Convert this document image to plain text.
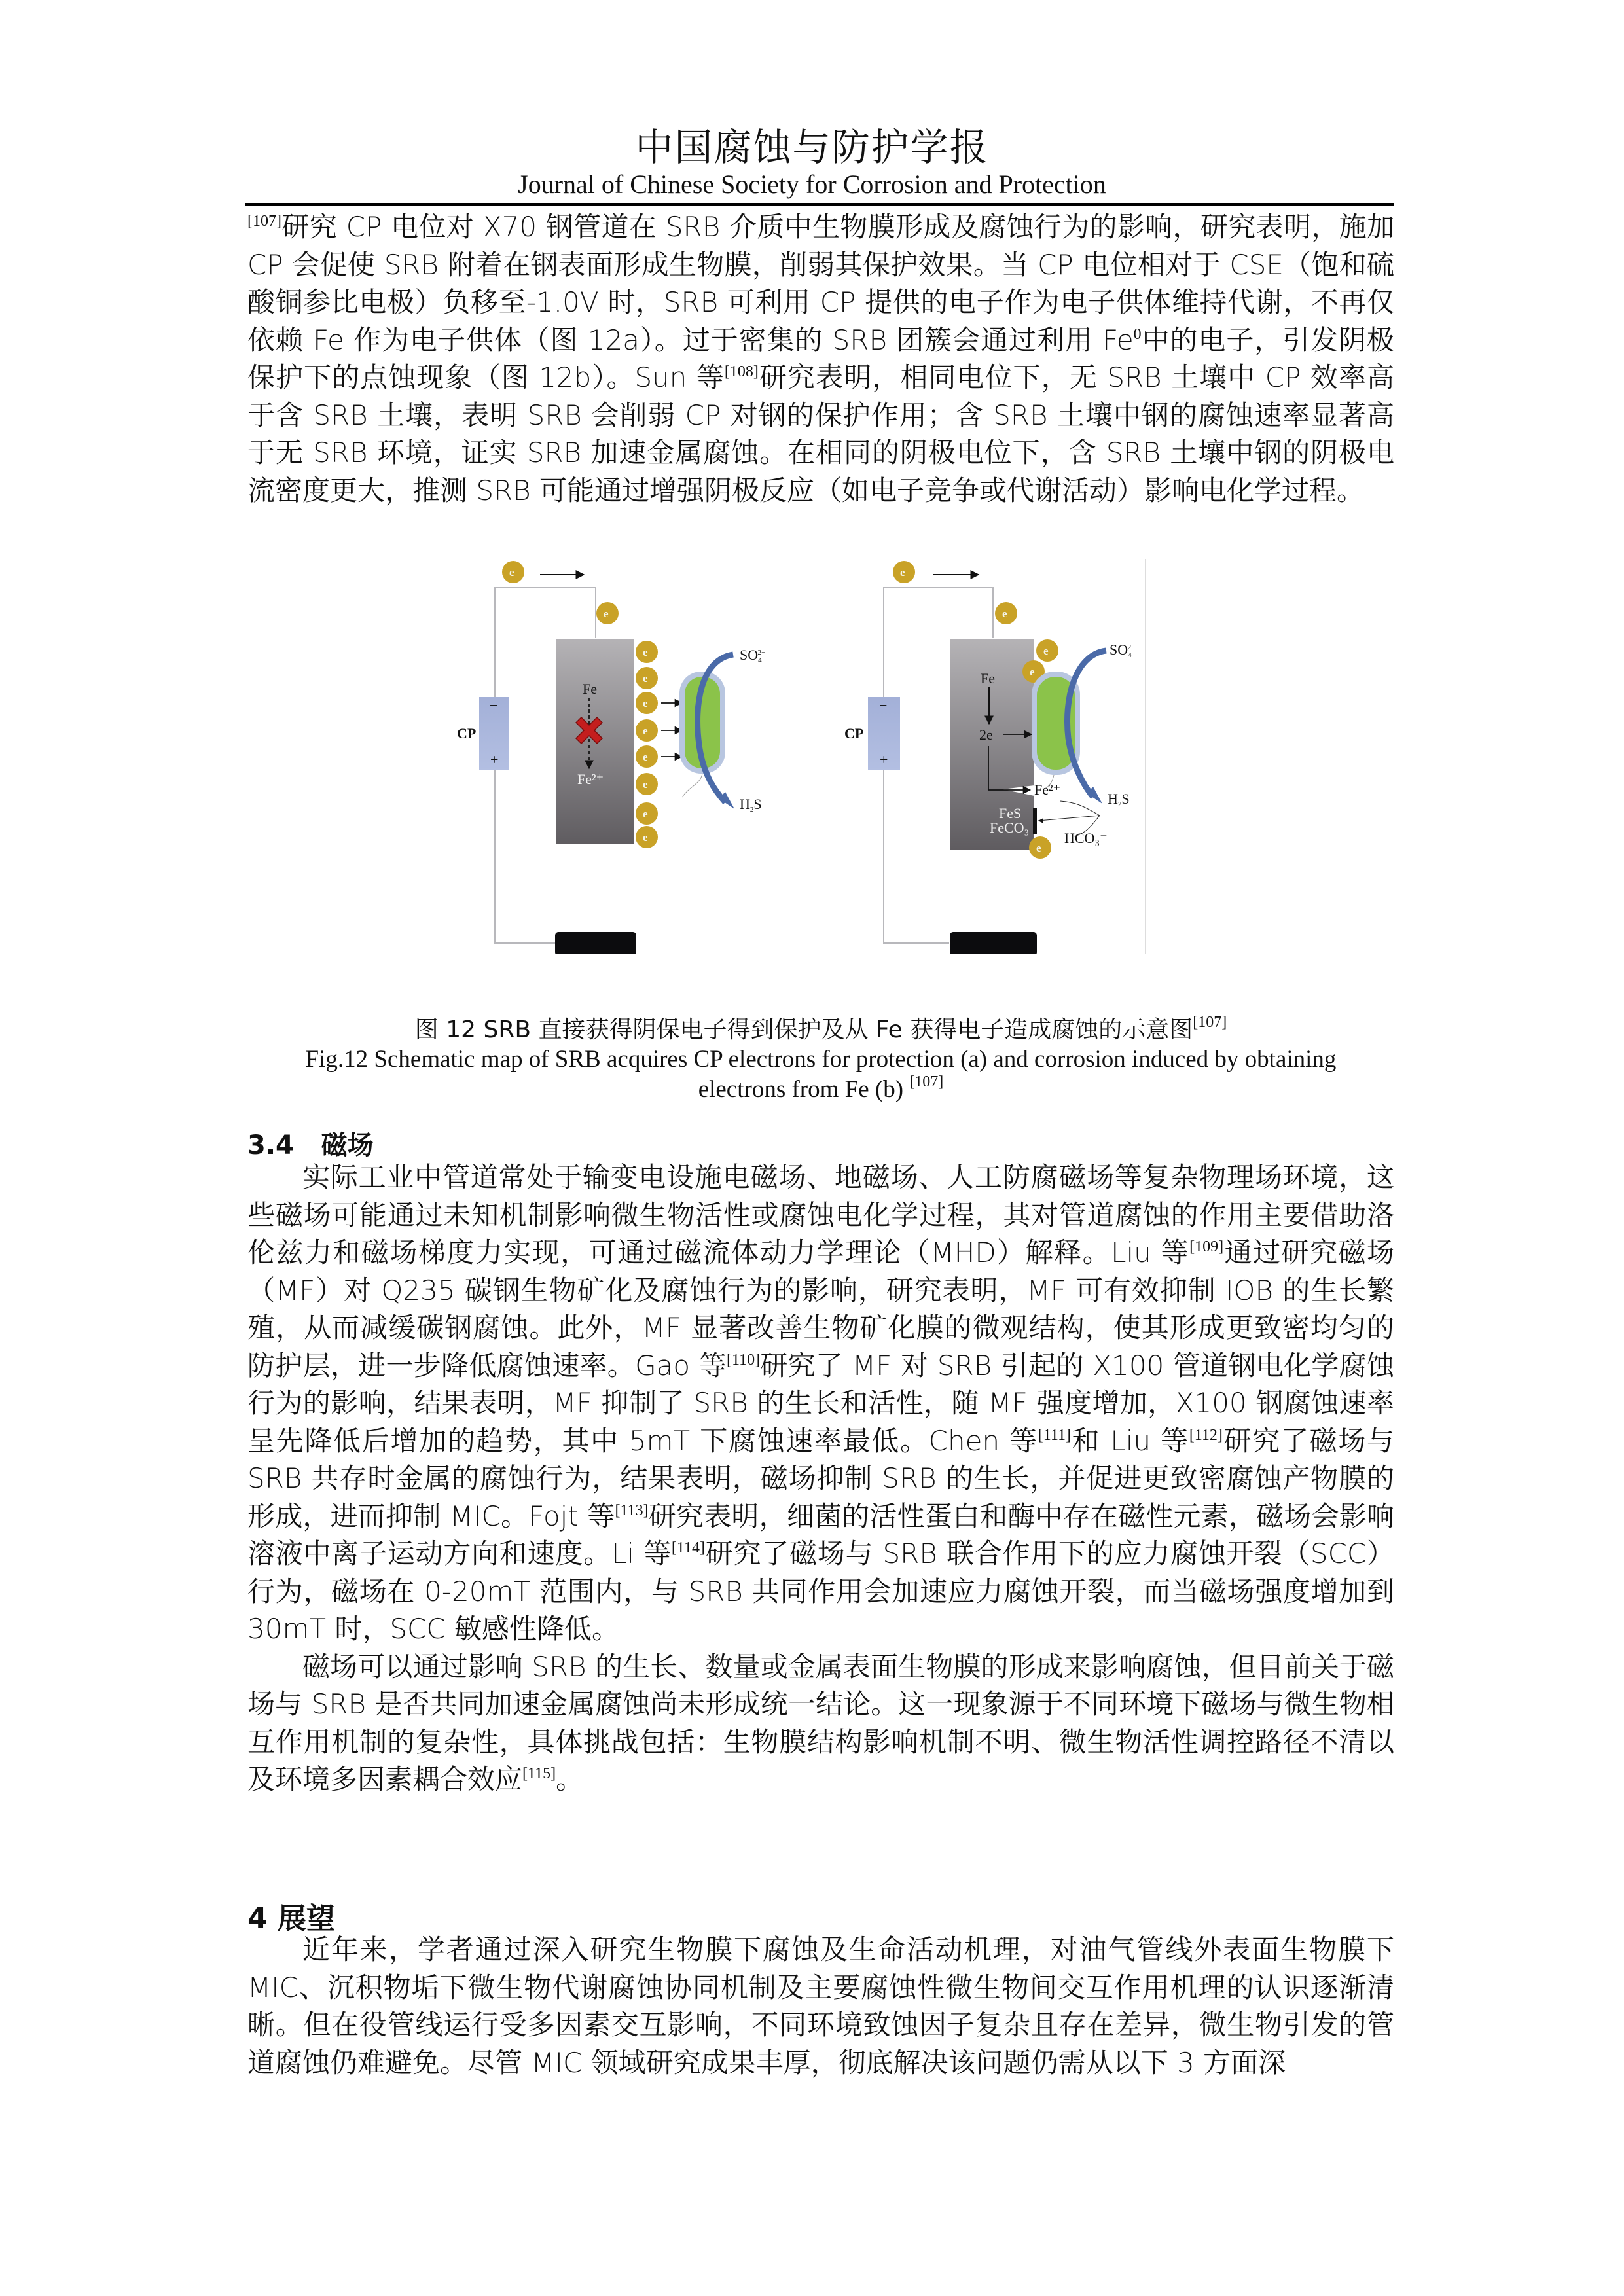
中国腐蚀与防护学报
Journal of Chinese Society for Corrosion and Protection

[107]研究 CP 电位对 X70 钢管道在 SRB 介质中生物膜形成及腐蚀行为的影响，研究表明，施加 CP 会促使 SRB 附着在钢表面形成生物膜，削弱其保护效果。当 CP 电位相对于 CSE（饱和硫酸铜参比电极）负移至-1.0V 时，SRB 可利用 CP 提供的电子作为电子供体维持代谢，不再仅依赖 Fe 作为电子供体（图 12a）。过于密集的 SRB 团簇会通过利用 Fe$^0$中的电子，引发阴极保护下的点蚀现象（图 12b）。Sun 等[108]研究表明，相同电位下，无 SRB 土壤中 CP 效率高于含 SRB 土壤，表明 SRB 会削弱 CP 对钢的保护作用；含 SRB 土壤中钢的腐蚀速率显著高于无 SRB 环境，证实 SRB 加速金属腐蚀。在相同的阴极电位下，含 SRB 土壤中钢的阴极电流密度更大，推测 SRB 可能通过增强阴极反应（如电子竞争或代谢活动）影响电化学过程。

−
+
CP
e
e
Fe
Fe²⁺
e
e
e
e
e
e
e
e
SO42−
H2S
−
+
CP
e
e
Fe
2e
Fe²⁺
FeS
FeCO₃
e
e
e
SO42−
H2S
HCO₃⁻
图 12 SRB 直接获得阴保电子得到保护及从 Fe 获得电子造成腐蚀的示意图[107]
Fig.12 Schematic map of SRB acquires CP electrons for protection (a) and corrosion induced by obtaining
electrons from Fe (b) [107]
3.4 磁场

实际工业中管道常处于输变电设施电磁场、地磁场、人工防腐磁场等复杂物理场环境，这些磁场可能通过未知机制影响微生物活性或腐蚀电化学过程，其对管道腐蚀的作用主要借助洛伦兹力和磁场梯度力实现，可通过磁流体动力学理论（MHD）解释。Liu 等[109]通过研究磁场（MF）对 Q235 碳钢生物矿化及腐蚀行为的影响，研究表明，MF 可有效抑制 IOB 的生长繁殖，从而减缓碳钢腐蚀。此外，MF 显著改善生物矿化膜的微观结构，使其形成更致密均匀的防护层，进一步降低腐蚀速率。Gao 等[110]研究了 MF 对 SRB 引起的 X100 管道钢电化学腐蚀行为的影响，结果表明，MF 抑制了 SRB 的生长和活性，随 MF 强度增加，X100 钢腐蚀速率呈先降低后增加的趋势，其中 5mT 下腐蚀速率最低。Chen 等[111]和 Liu 等[112]研究了磁场与 SRB 共存时金属的腐蚀行为，结果表明，磁场抑制 SRB 的生长，并促进更致密腐蚀产物膜的形成，进而抑制 MIC。Fojt 等[113]研究表明，细菌的活性蛋白和酶中存在磁性元素，磁场会影响溶液中离子运动方向和速度。Li 等[114]研究了磁场与 SRB 联合作用下的应力腐蚀开裂（SCC）行为，磁场在 0-20mT 范围内，与 SRB 共同作用会加速应力腐蚀开裂，而当磁场强度增加到 30mT 时，SCC 敏感性降低。

磁场可以通过影响 SRB 的生长、数量或金属表面生物膜的形成来影响腐蚀，但目前关于磁场与 SRB 是否共同加速金属腐蚀尚未形成统一结论。这一现象源于不同环境下磁场与微生物相互作用机制的复杂性，具体挑战包括：生物膜结构影响机制不明、微生物活性调控路径不清以及环境多因素耦合效应[115]。

4 展望

近年来，学者通过深入研究生物膜下腐蚀及生命活动机理，对油气管线外表面生物膜下 MIC、沉积物垢下微生物代谢腐蚀协同机制及主要腐蚀性微生物间交互作用机理的认识逐渐清晰。但在役管线运行受多因素交互影响，不同环境致蚀因子复杂且存在差异，微生物引发的管道腐蚀仍难避免。尽管 MIC 领域研究成果丰厚，彻底解决该问题仍需从以下 3 方面深
